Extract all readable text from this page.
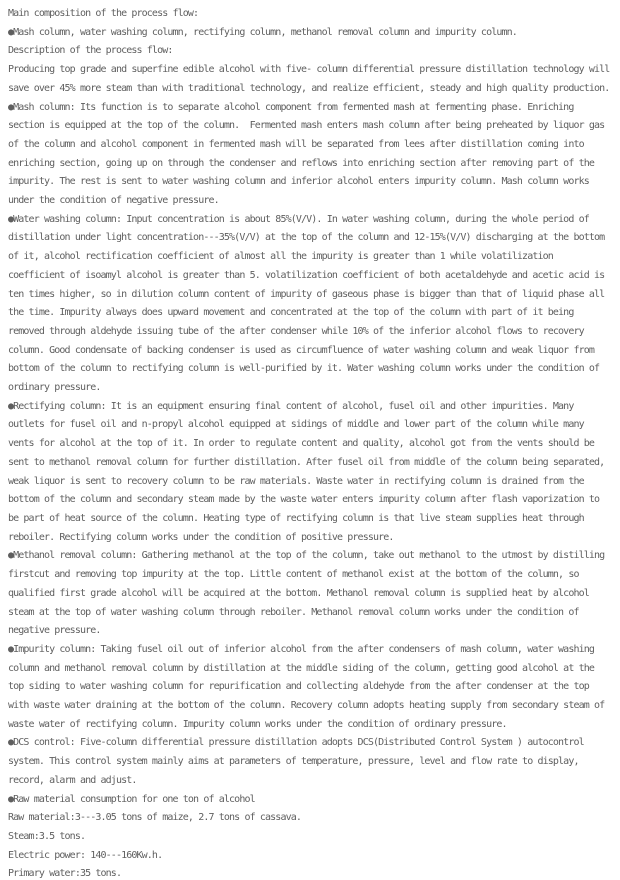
Main composition of the process flow:

●Mash column, water washing column, rectifying column, methanol removal column and impurity column.

Description of the process flow:

Producing top grade and superfine edible alcohol with five- column differential pressure distillation technology will save over 45% more steam than with traditional technology, and realize efficient, steady and high quality production.

●Mash column: Its function is to separate alcohol component from fermented mash at fermenting phase. Enriching section is equipped at the top of the column.  Fermented mash enters mash column after being preheated by liquor gas of the column and alcohol component in fermented mash will be separated from lees after distillation coming into enriching section, going up on through the condenser and reflows into enriching section after removing part of the impurity. The rest is sent to water washing column and inferior alcohol enters impurity column. Mash column works under the condition of negative pressure.

●Water washing column: Input concentration is about 85%(V/V). In water washing column, during the whole period of distillation under light concentration---35%(V/V) at the top of the column and 12-15%(V/V) discharging at the bottom of it, alcohol rectification coefficient of almost all the impurity is greater than 1 while volatilization coefficient of isoamyl alcohol is greater than 5. volatilization coefficient of both acetaldehyde and acetic acid is ten times higher, so in dilution column content of impurity of gaseous phase is bigger than that of liquid phase all the time. Impurity always does upward movement and concentrated at the top of the column with part of it being removed through aldehyde issuing tube of the after condenser while 10% of the inferior alcohol flows to recovery column. Good condensate of backing condenser is used as circumfluence of water washing column and weak liquor from bottom of the column to rectifying column is well-purified by it. Water washing column works under the condition of ordinary pressure.

●Rectifying column: It is an equipment ensuring final content of alcohol, fusel oil and other impurities. Many outlets for fusel oil and n-propyl alcohol equipped at sidings of middle and lower part of the column while many vents for alcohol at the top of it. In order to regulate content and quality, alcohol got from the vents should be sent to methanol removal column for further distillation. After fusel oil from middle of the column being separated, weak liquor is sent to recovery column to be raw materials. Waste water in rectifying column is drained from the bottom of the column and secondary steam made by the waste water enters impurity column after flash vaporization to be part of heat source of the column. Heating type of rectifying column is that live steam supplies heat through reboiler. Rectifying column works under the condition of positive pressure.

●Methanol removal column: Gathering methanol at the top of the column, take out methanol to the utmost by distilling firstcut and removing top impurity at the top. Little content of methanol exist at the bottom of the column, so qualified first grade alcohol will be acquired at the bottom. Methanol removal column is supplied heat by alcohol steam at the top of water washing column through reboiler. Methanol removal column works under the condition of negative pressure.

●Impurity column: Taking fusel oil out of inferior alcohol from the after condensers of mash column, water washing column and methanol removal column by distillation at the middle siding of the column, getting good alcohol at the top siding to water washing column for repurification and collecting aldehyde from the after condenser at the top with waste water draining at the bottom of the column. Recovery column adopts heating supply from secondary steam of waste water of rectifying column. Impurity column works under the condition of ordinary pressure.

●DCS control: Five-column differential pressure distillation adopts DCS(Distributed Control System ) autocontrol system. This control system mainly aims at parameters of temperature, pressure, level and flow rate to display, record, alarm and adjust.

●Raw material consumption for one ton of alcohol

Raw material:3---3.05 tons of maize, 2.7 tons of cassava.

Steam:3.5 tons.

Electric power: 140---160Kw.h.

Primary water:35 tons.
